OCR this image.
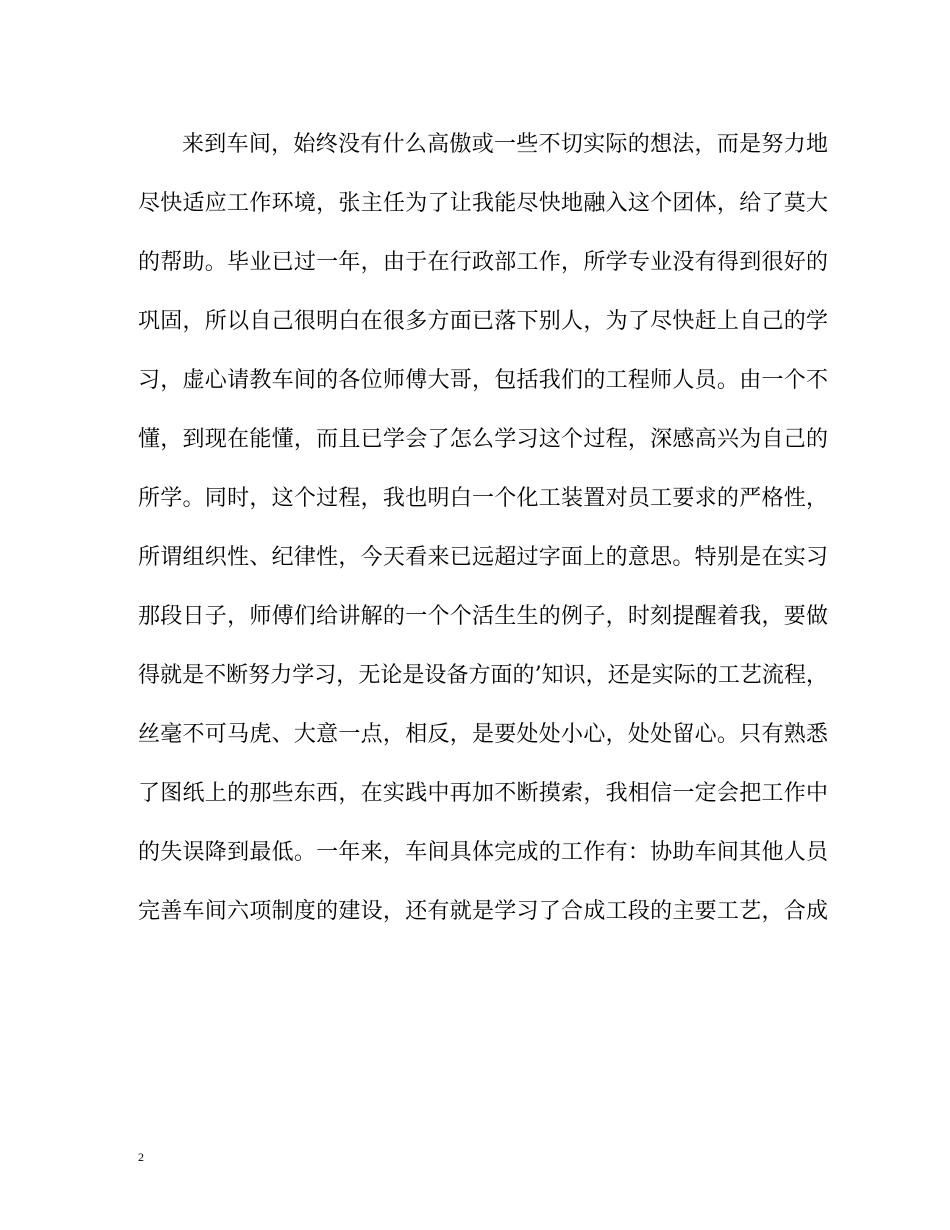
来到车间，始终没有什么高傲或一些不切实际的想法，而是努力地
尽快适应工作环境，张主任为了让我能尽快地融入这个团体，给了莫大
的帮助。毕业已过一年，由于在行政部工作，所学专业没有得到很好的
巩固，所以自己很明白在很多方面已落下别人，为了尽快赶上自己的学
习，虚心请教车间的各位师傅大哥，包括我们的工程师人员。由一个不
懂，到现在能懂，而且已学会了怎么学习这个过程，深感高兴为自己的
所学。同时，这个过程，我也明白一个化工装置对员工要求的严格性，
所谓组织性、纪律性，今天看来已远超过字面上的意思。特别是在实习
那段日子，师傅们给讲解的一个个活生生的例子，时刻提醒着我，要做
得就是不断努力学习，无论是设备方面的’知识，还是实际的工艺流程，
丝毫不可马虎、大意一点，相反，是要处处小心，处处留心。只有熟悉
了图纸上的那些东西，在实践中再加不断摸索，我相信一定会把工作中
的失误降到最低。一年来，车间具体完成的工作有：协助车间其他人员
完善车间六项制度的建设，还有就是学习了合成工段的主要工艺，合成
2
